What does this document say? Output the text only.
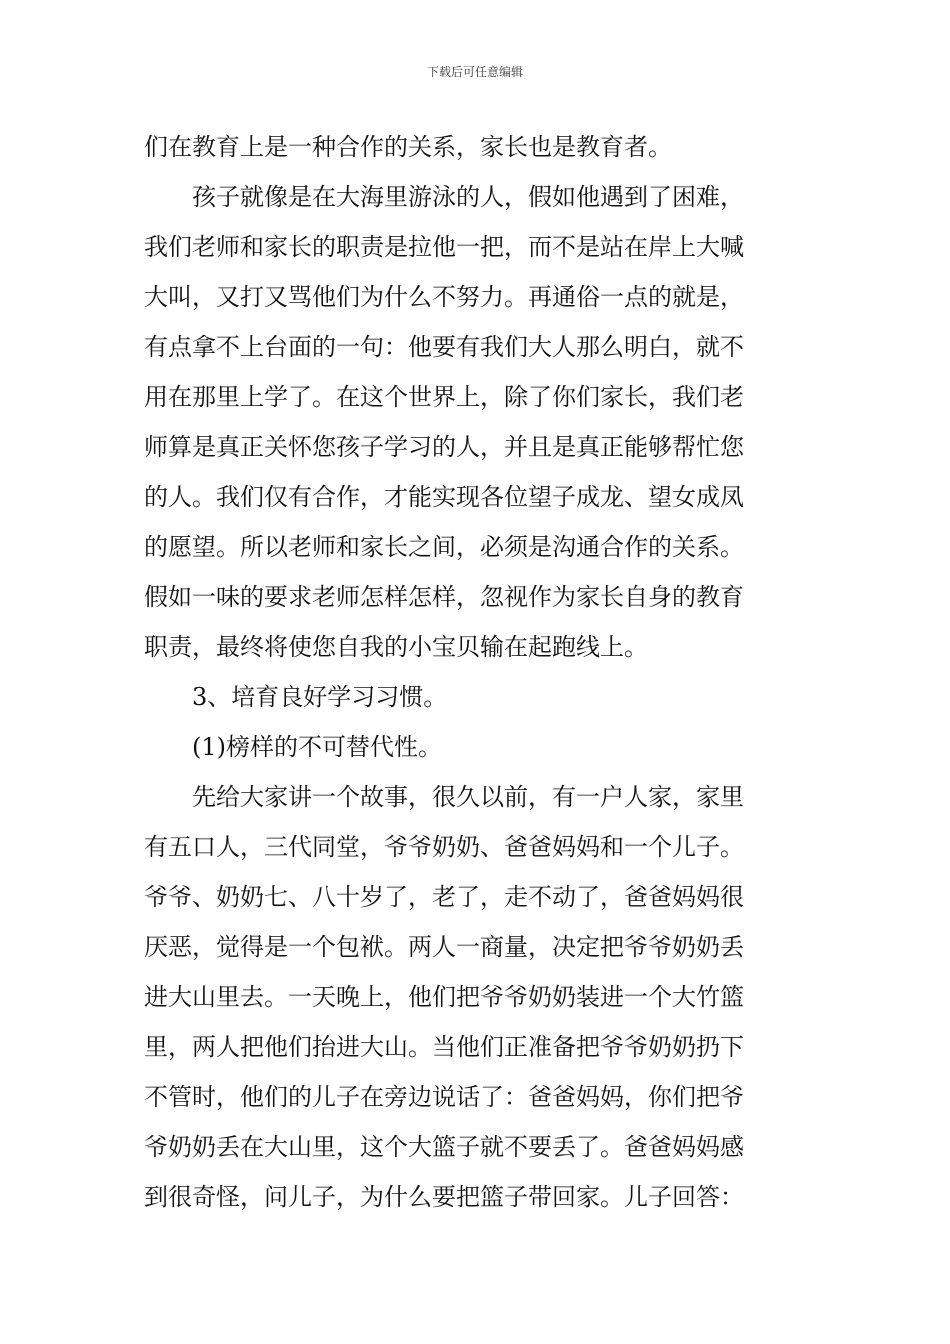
下载后可任意编辑
们在教育上是一种合作的关系，家长也是教育者。
孩子就像是在大海里游泳的人，假如他遇到了困难，
我们老师和家长的职责是拉他一把，而不是站在岸上大喊
大叫，又打又骂他们为什么不努力。再通俗一点的就是，
有点拿不上台面的一句：他要有我们大人那么明白，就不
用在那里上学了。在这个世界上，除了你们家长，我们老
师算是真正关怀您孩子学习的人，并且是真正能够帮忙您
的人。我们仅有合作，才能实现各位望子成龙、望女成凤
的愿望。所以老师和家长之间，必须是沟通合作的关系。
假如一味的要求老师怎样怎样，忽视作为家长自身的教育
职责，最终将使您自我的小宝贝输在起跑线上。
3、培育良好学习习惯。
(1)榜样的不可替代性。
先给大家讲一个故事，很久以前，有一户人家，家里
有五口人，三代同堂，爷爷奶奶、爸爸妈妈和一个儿子。
爷爷、奶奶七、八十岁了，老了，走不动了，爸爸妈妈很
厌恶，觉得是一个包袱。两人一商量，决定把爷爷奶奶丢
进大山里去。一天晚上，他们把爷爷奶奶装进一个大竹篮
里，两人把他们抬进大山。当他们正准备把爷爷奶奶扔下
不管时，他们的儿子在旁边说话了：爸爸妈妈，你们把爷
爷奶奶丢在大山里，这个大篮子就不要丢了。爸爸妈妈感
到很奇怪，问儿子，为什么要把篮子带回家。儿子回答：
